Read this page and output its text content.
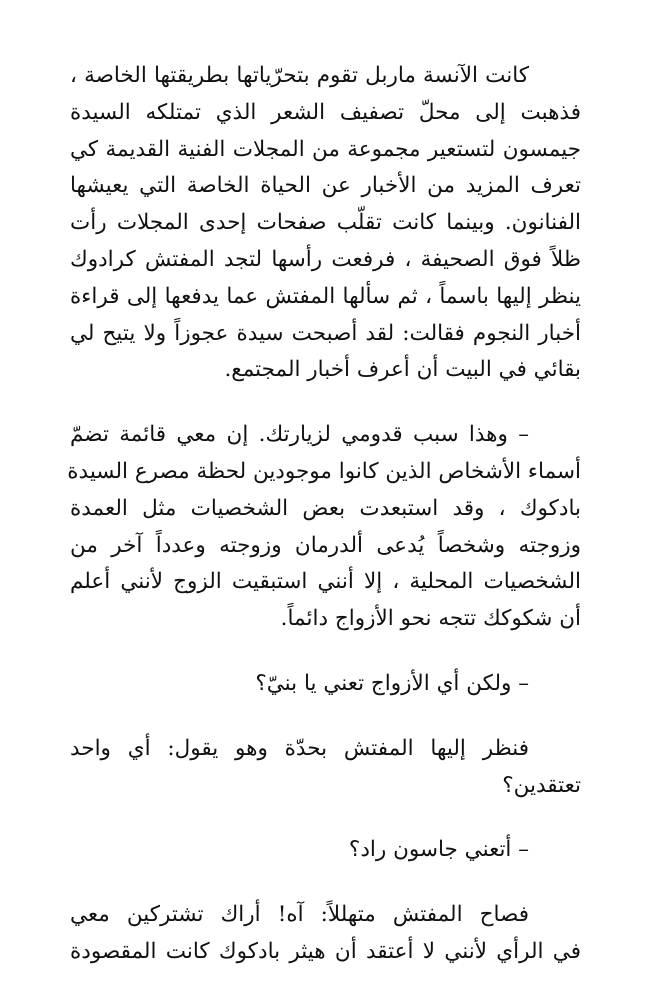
كانت الآنسة ماربل تقوم بتحرّياتها بطريقتها الخاصة ،
فذهبت إلى محلّ تصفيف الشعر الذي تمتلكه السيدة
جيمسون لتستعير مجموعة من المجلات الفنية القديمة كي
تعرف المزيد من الأخبار عن الحياة الخاصة التي يعيشها
الفنانون. وبينما كانت تقلّب صفحات إحدى المجلات رأت
ظلاً فوق الصحيفة ، فرفعت رأسها لتجد المفتش كرادوك
ينظر إليها باسماً ، ثم سألها المفتش عما يدفعها إلى قراءة
أخبار النجوم فقالت: لقد أصبحت سيدة عجوزاً ولا يتيح لي
بقائي في البيت أن أعرف أخبار المجتمع.

– وهذا سبب قدومي لزيارتك. إن معي قائمة تضمّ
أسماء الأشخاص الذين كانوا موجودين لحظة مصرع السيدة
بادكوك ، وقد استبعدت بعض الشخصيات مثل العمدة
وزوجته وشخصاً يُدعى ألدرمان وزوجته وعدداً آخر من
الشخصيات المحلية ، إلا أنني استبقيت الزوج لأنني أعلم
أن شكوكك تتجه نحو الأزواج دائماً.

– ولكن أي الأزواج تعني يا بنيّ؟

فنظر إليها المفتش بحدّة وهو يقول: أي واحد
تعتقدين؟

– أتعني جاسون راد؟

فصاح المفتش متهللاً: آه! أراك تشتركين معي
في الرأي لأنني لا أعتقد أن هيثر بادكوك كانت المقصودة
